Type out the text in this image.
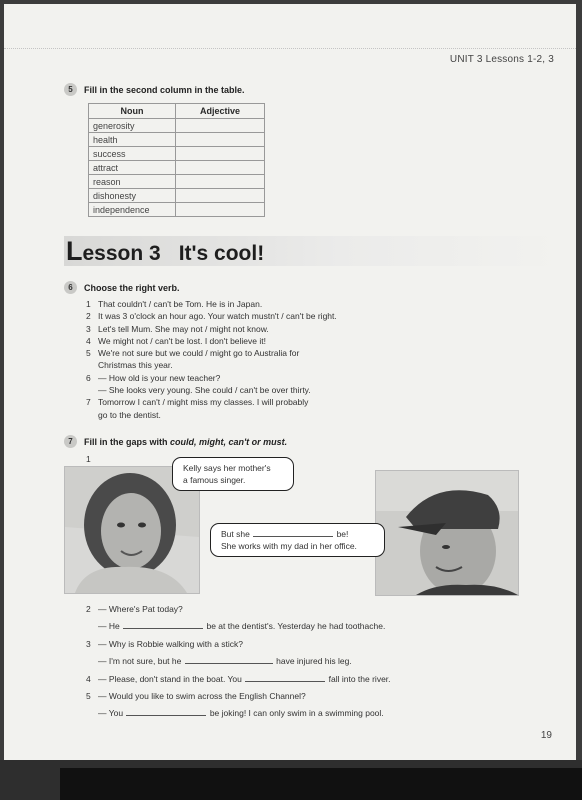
UNIT 3 Lessons 1-2, 3
5	Fill in the second column in the table.
Noun	Adjective
generosity	
health	
success	
attract	
reason	
dishonesty	
independence	
Lesson 3 It's cool!
6	Choose the right verb.
1 That couldn't / can't be Tom. He is in Japan.
2 It was 3 o'clock an hour ago. Your watch mustn't / can't be right.
3 Let's tell Mum. She may not / might not know.
4 We might not / can't be lost. I don't believe it!
5 We're not sure but we could / might go to Australia for
Christmas this year.
6 — How old is your new teacher?
— She looks very young. She could / can't be over thirty.
7 Tomorrow I can't / might miss my classes. I will probably
go to the dentist.
7	Fill in the gaps with could, might, can't or must.
1
Kelly says her mother's
a famous singer.
But she	be!
She works with my dad in her office.
2 — Where's Pat today?
— He	be at the dentist's. Yesterday he had toothache.
3 — Why is Robbie walking with a stick?
— I'm not sure, but he	have injured his leg.
4 — Please, don't stand in the boat. You	fall into the river.
5 — Would you like to swim across the English Channel?
— You	be joking! I can only swim in a swimming pool.
19
